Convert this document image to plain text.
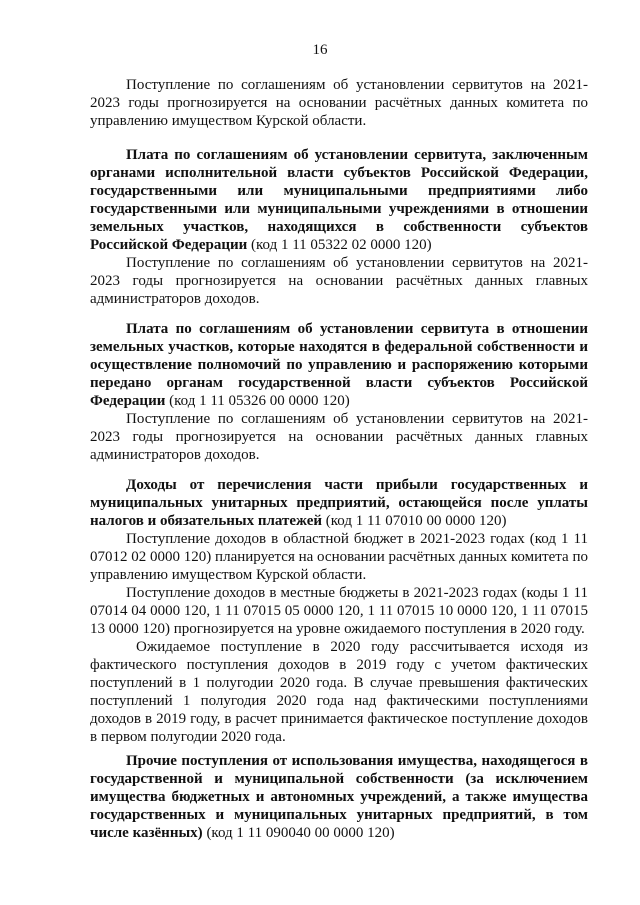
16

Поступление по соглашениям об установлении сервитутов на 2021-2023 годы прогнозируется на основании расчётных данных комитета по управлению имуществом Курской области.

Плата по соглашениям об установлении сервитута, заключенным органами исполнительной власти субъектов Российской Федерации, государственными или муниципальными предприятиями либо государственными или муниципальными учреждениями в отношении земельных участков, находящихся в собственности субъектов Российской Федерации (код 1 11 05322 02 0000 120)

Поступление по соглашениям об установлении сервитутов на 2021-2023 годы прогнозируется на основании расчётных данных главных администраторов доходов.

Плата по соглашениям об установлении сервитута в отношении земельных участков, которые находятся в федеральной собственности и осуществление полномочий по управлению и распоряжению которыми передано органам государственной власти субъектов Российской Федерации (код 1 11 05326 00 0000 120)

Поступление по соглашениям об установлении сервитутов на 2021-2023 годы прогнозируется на основании расчётных данных главных администраторов доходов.

Доходы от перечисления части прибыли государственных и муниципальных унитарных предприятий, остающейся после уплаты налогов и обязательных платежей (код 1 11 07010 00 0000 120)

Поступление доходов в областной бюджет в 2021-2023 годах (код 1 11 07012 02 0000 120) планируется на основании расчётных данных комитета по управлению имуществом Курской области.

Поступление доходов в местные бюджеты в 2021-2023 годах (коды 1 11 07014 04 0000 120, 1 11 07015 05 0000 120, 1 11 07015 10 0000 120, 1 11 07015 13 0000 120) прогнозируется на уровне ожидаемого поступления в 2020 году.

Ожидаемое поступление в 2020 году рассчитывается исходя из фактического поступления доходов в 2019 году с учетом фактических поступлений в 1 полугодии 2020 года. В случае превышения фактических поступлений 1 полугодия 2020 года над фактическими поступлениями доходов в 2019 году, в расчет принимается фактическое поступление доходов в первом полугодии 2020 года.

Прочие поступления от использования имущества, находящегося в государственной и муниципальной собственности (за исключением имущества бюджетных и автономных учреждений, а также имущества государственных и муниципальных унитарных предприятий, в том числе казённых) (код 1 11 090040 00 0000 120)
